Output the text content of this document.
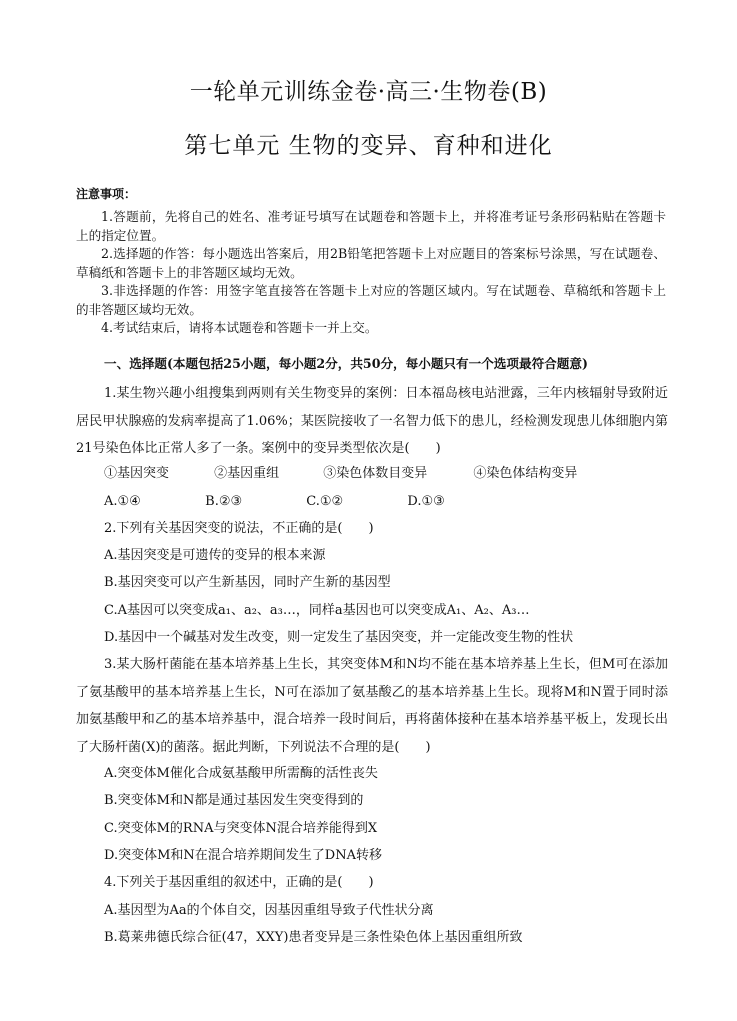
一轮单元训练金卷·高三·生物卷(B)
第七单元 生物的变异、育种和进化
注意事项：

1.答题前，先将自己的姓名、准考证号填写在试题卷和答题卡上，并将准考证号条形码粘贴在答题卡上的指定位置。

2.选择题的作答：每小题选出答案后，用2B铅笔把答题卡上对应题目的答案标号涂黑，写在试题卷、草稿纸和答题卡上的非答题区域均无效。

3.非选择题的作答：用签字笔直接答在答题卡上对应的答题区域内。写在试题卷、草稿纸和答题卡上的非答题区域均无效。

4.考试结束后，请将本试题卷和答题卡一并上交。

一、选择题(本题包括25小题，每小题2分，共50分，每小题只有一个选项最符合题意)

1.某生物兴趣小组搜集到两则有关生物变异的案例：日本福岛核电站泄露，三年内核辐射导致附近居民甲状腺癌的发病率提高了1.06%；某医院接收了一名智力低下的患儿，经检测发现患儿体细胞内第21号染色体比正常人多了一条。案例中的变异类型依次是(　　)

①基因突变	②基因重组	③染色体数目变异	④染色体结构变异
A.①④	B.②③	C.①②	D.①③
2.下列有关基因突变的说法，不正确的是(　　)
A.基因突变是可遗传的变异的根本来源
B.基因突变可以产生新基因，同时产生新的基因型
C.A基因可以突变成a₁、a₂、a₃…，同样a基因也可以突变成A₁、A₂、A₃…
D.基因中一个碱基对发生改变，则一定发生了基因突变，并一定能改变生物的性状

3.某大肠杆菌能在基本培养基上生长，其突变体M和N均不能在基本培养基上生长，但M可在添加了氨基酸甲的基本培养基上生长，N可在添加了氨基酸乙的基本培养基上生长。现将M和N置于同时添加氨基酸甲和乙的基本培养基中，混合培养一段时间后，再将菌体接种在基本培养基平板上，发现长出了大肠杆菌(X)的菌落。据此判断，下列说法不合理的是(　　)

A.突变体M催化合成氨基酸甲所需酶的活性丧失
B.突变体M和N都是通过基因发生突变得到的
C.突变体M的RNA与突变体N混合培养能得到X
D.突变体M和N在混合培养期间发生了DNA转移
4.下列关于基因重组的叙述中，正确的是(　　)
A.基因型为Aa的个体自交，因基因重组导致子代性状分离
B.葛莱弗德氏综合征(47，XXY)患者变异是三条性染色体上基因重组所致
